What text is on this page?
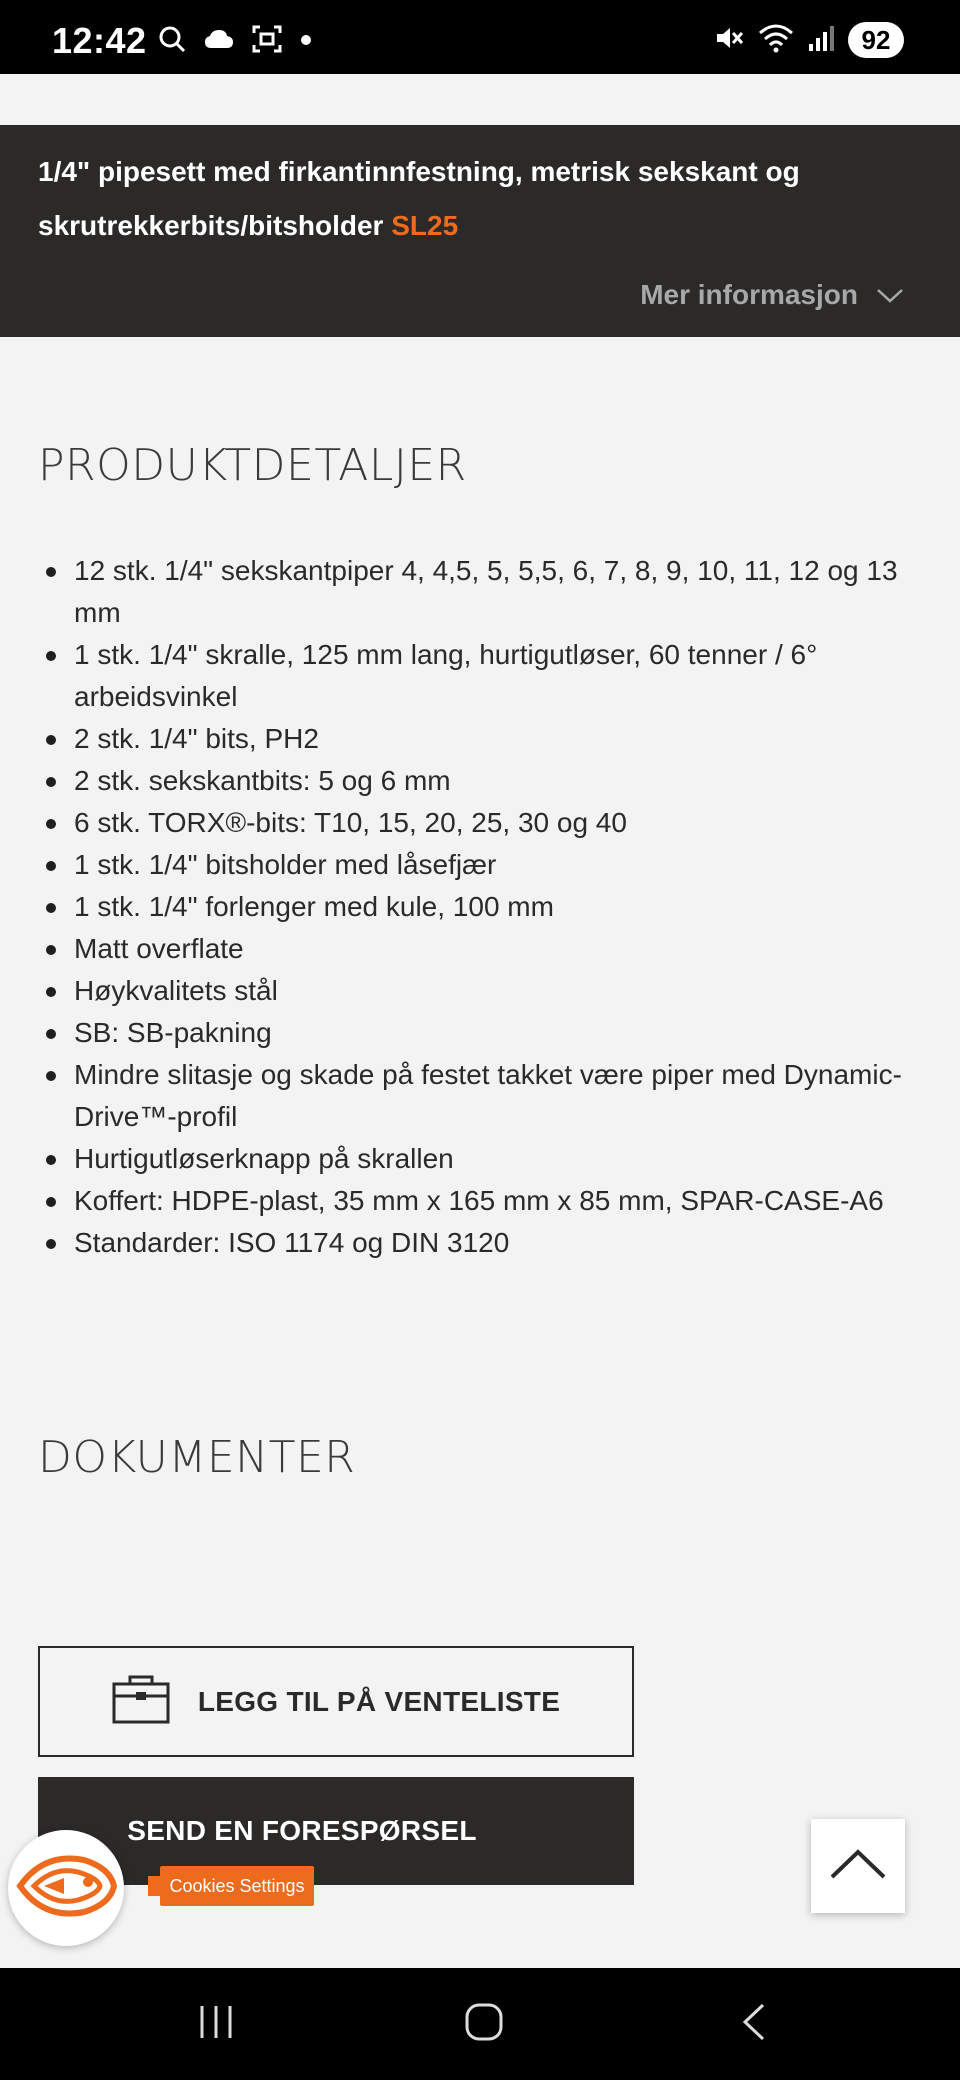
12:42	92
1/4" pipesett med firkantinnfestning, metrisk sekskant og skrutrekkerbits/bitsholder SL25
Mer informasjon
PRODUKTDETALJER
12 stk. 1/4" sekskantpiper 4, 4,5, 5, 5,5, 6, 7, 8, 9, 10, 11, 12 og 13 mm
1 stk. 1/4" skralle, 125 mm lang, hurtigutløser, 60 tenner / 6° arbeidsvinkel
2 stk. 1/4" bits, PH2
2 stk. sekskantbits: 5 og 6 mm
6 stk. TORX®-bits: T10, 15, 20, 25, 30 og 40
1 stk. 1/4" bitsholder med låsefjær
1 stk. 1/4" forlenger med kule, 100 mm
Matt overflate
Høykvalitets stål
SB: SB-pakning
Mindre slitasje og skade på festet takket være piper med Dynamic-Drive™-profil
Hurtigutløserknapp på skrallen
Koffert: HDPE-plast, 35 mm x 165 mm x 85 mm, SPAR-CASE-A6
Standarder: ISO 1174 og DIN 3120
DOKUMENTER
LEGG TIL PÅ VENTELISTE
SEND EN FORESPØRSEL
Cookies Settings
